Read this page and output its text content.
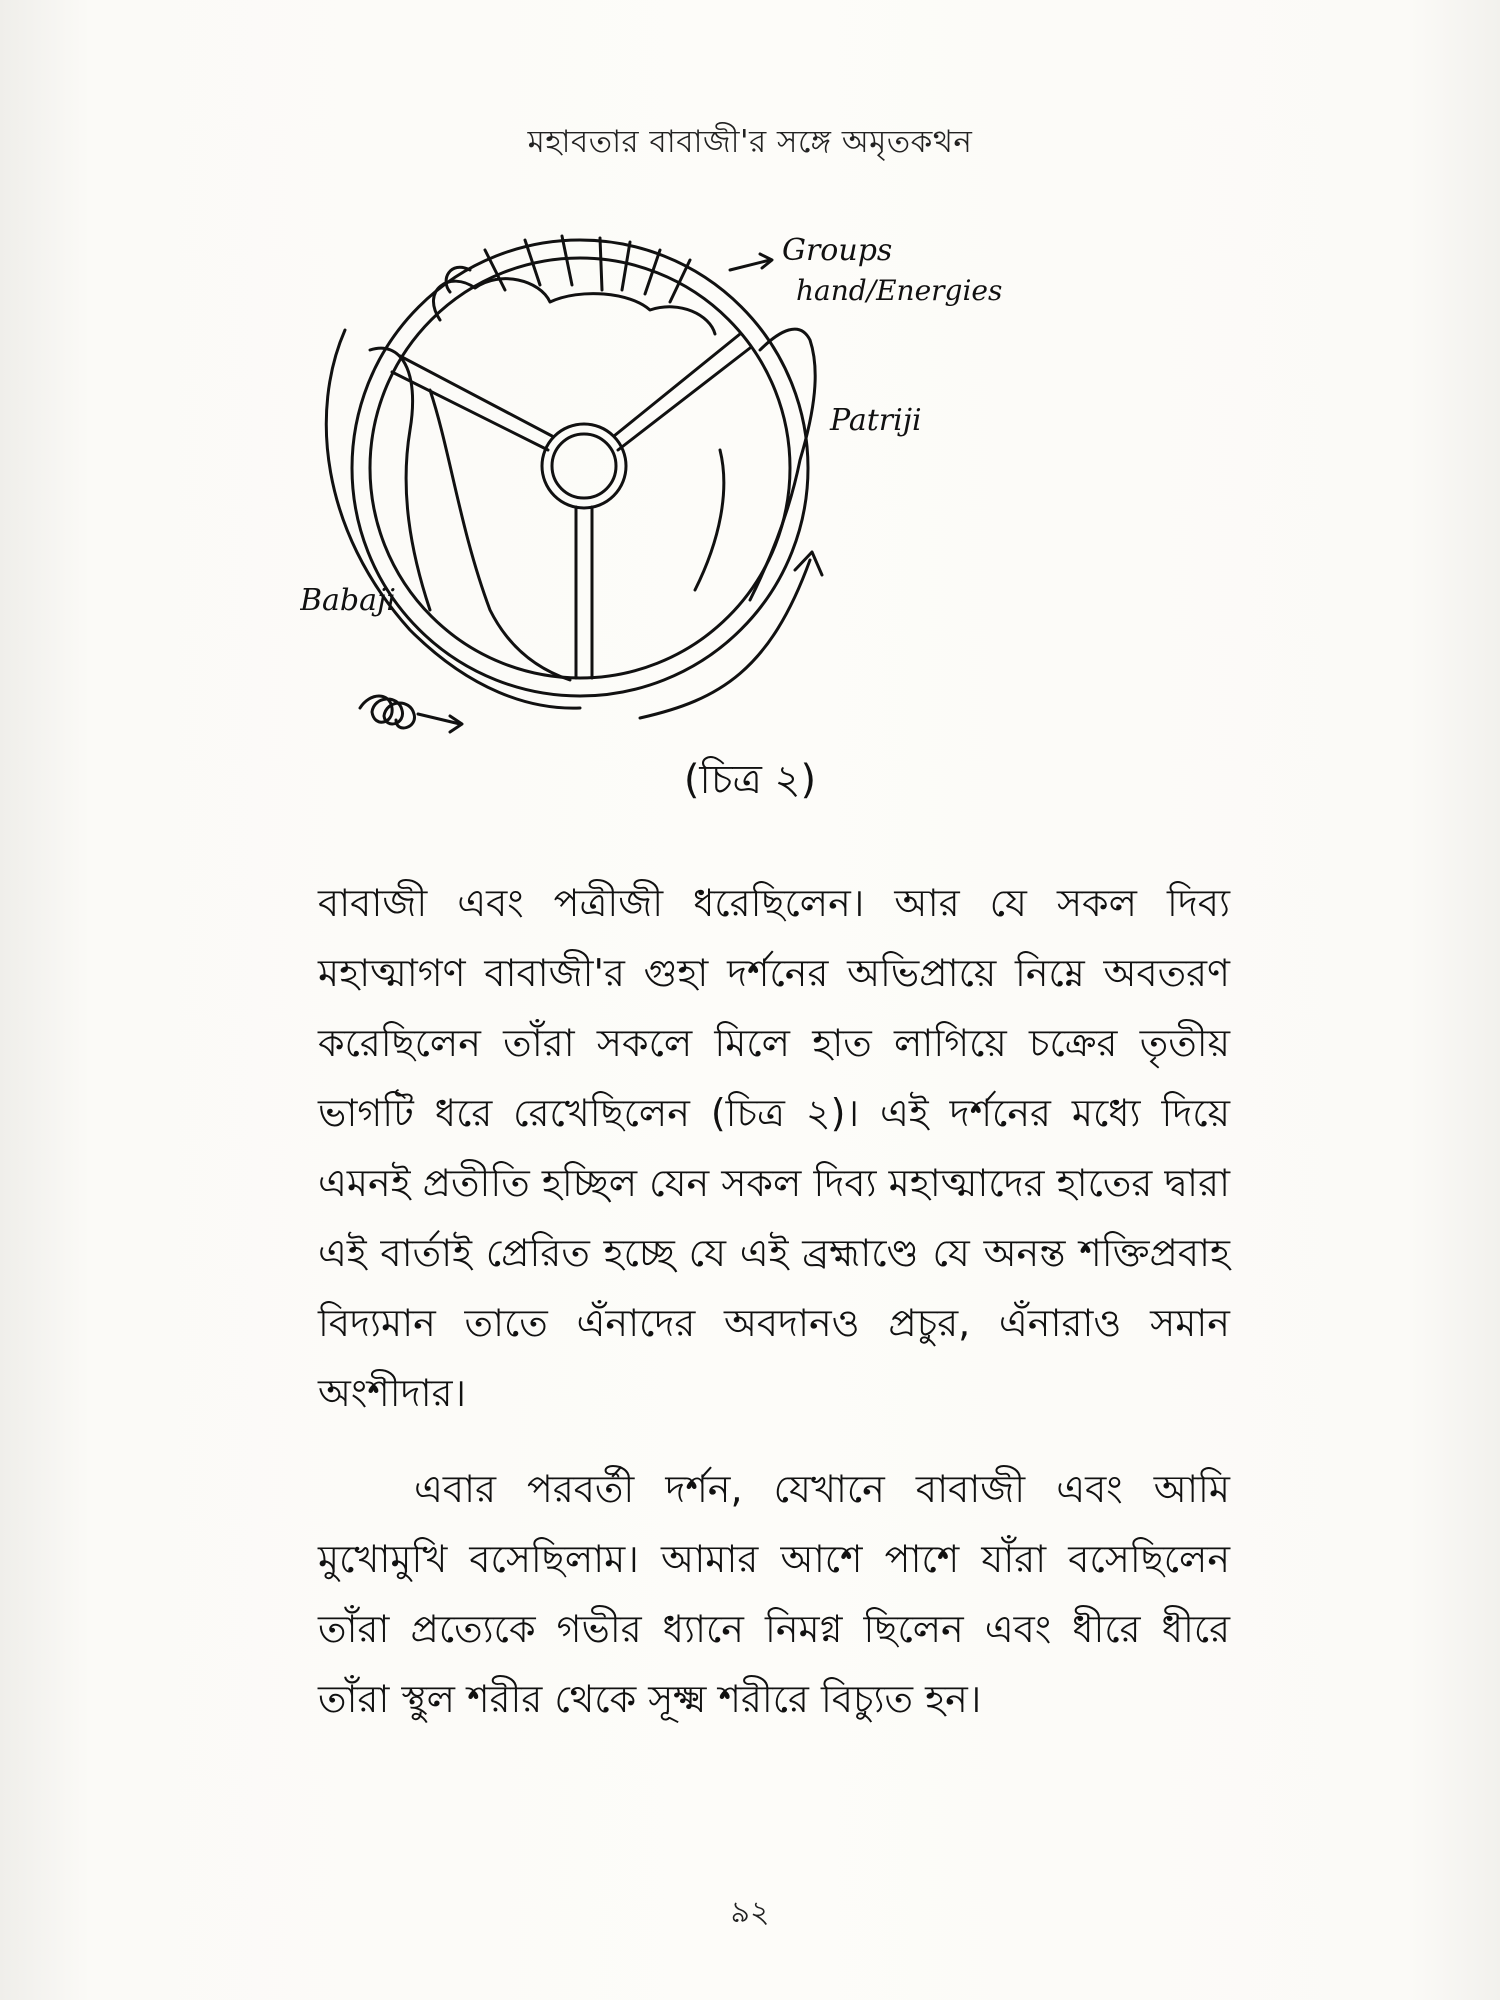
মহাবতার বাবাজী'র সঙ্গে অমৃতকথন
Groups
hand/Energies
Patriji
Babaji
(চিত্র ২)

বাবাজী এবং পত্রীজী ধরেছিলেন। আর যে সকল দিব্য মহাত্মাগণ বাবাজী'র গুহা দর্শনের অভিপ্রায়ে নিম্নে অবতরণ করেছিলেন তাঁরা সকলে মিলে হাত লাগিয়ে চক্রের তৃতীয় ভাগটি ধরে রেখেছিলেন (চিত্র ২)। এই দর্শনের মধ্যে দিয়ে এমনই প্রতীতি হচ্ছিল যেন সকল দিব্য মহাত্মাদের হাতের দ্বারা এই বার্তাই প্রেরিত হচ্ছে যে এই ব্রহ্মাণ্ডে যে অনন্ত শক্তিপ্রবাহ বিদ্যমান তাতে এঁনাদের অবদানও প্রচুর, এঁনারাও সমান অংশীদার।

এবার পরবর্তী দর্শন, যেখানে বাবাজী এবং আমি মুখোমুখি বসেছিলাম। আমার আশে পাশে যাঁরা বসেছিলেন তাঁরা প্রত্যেকে গভীর ধ্যানে নিমগ্ন ছিলেন এবং ধীরে ধীরে তাঁরা স্থুল শরীর থেকে সূক্ষ্ম শরীরে বিচ্যুত হন।

৯২
